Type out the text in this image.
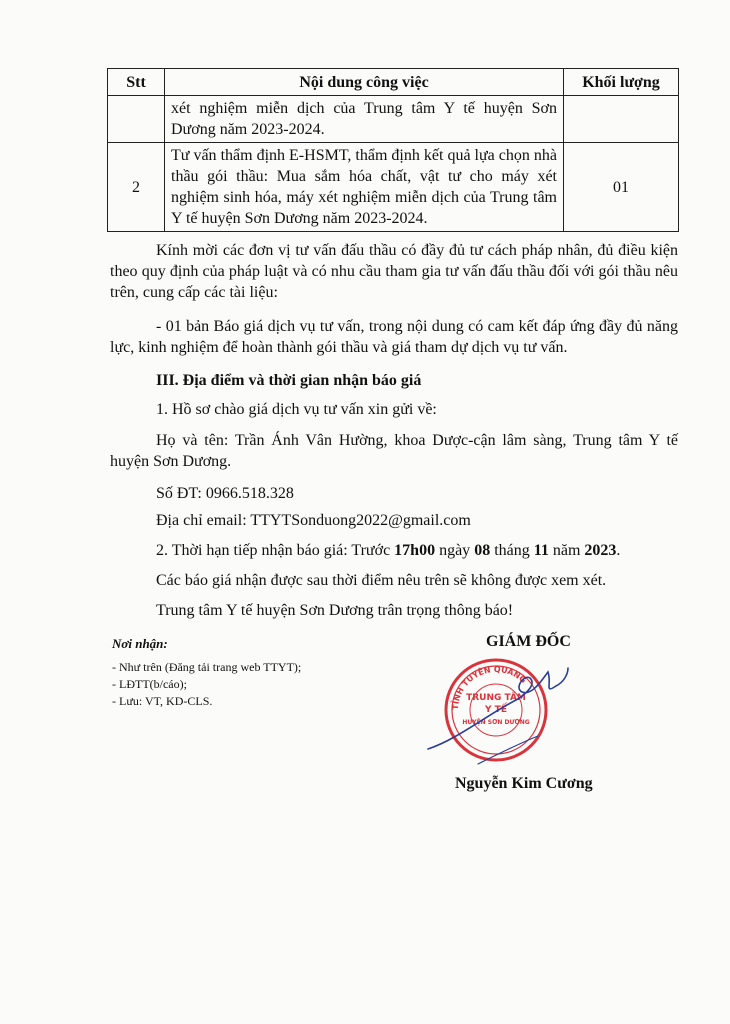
Stt	Nội dung công việc	Khối lượng
	xét nghiệm miễn dịch của Trung tâm Y tế huyện Sơn Dương năm 2023-2024.	
2	Tư vấn thẩm định E-HSMT, thẩm định kết quả lựa chọn nhà thầu gói thầu: Mua sắm hóa chất, vật tư cho máy xét nghiệm sinh hóa, máy xét nghiệm miễn dịch của Trung tâm Y tế huyện Sơn Dương năm 2023-2024.	01
Kính mời các đơn vị tư vấn đấu thầu có đầy đủ tư cách pháp nhân, đủ điều kiện theo quy định của pháp luật và có nhu cầu tham gia tư vấn đấu thầu đối với gói thầu nêu trên, cung cấp các tài liệu:
- 01 bản Báo giá dịch vụ tư vấn, trong nội dung có cam kết đáp ứng đầy đủ năng lực, kinh nghiệm để hoàn thành gói thầu và giá tham dự dịch vụ tư vấn.
III. Địa điểm và thời gian nhận báo giá
1. Hồ sơ chào giá dịch vụ tư vấn xin gửi về:
Họ và tên: Trần Ánh Vân Hường, khoa Dược-cận lâm sàng, Trung tâm Y tế huyện Sơn Dương.
Số ĐT: 0966.518.328
Địa chỉ email: TTYTSonduong2022@gmail.com
2. Thời hạn tiếp nhận báo giá: Trước 17h00 ngày 08 tháng 11 năm 2023.
Các báo giá nhận được sau thời điểm nêu trên sẽ không được xem xét.
Trung tâm Y tế huyện Sơn Dương trân trọng thông báo!
Nơi nhận:
- Như trên (Đăng tải trang web TTYT);
- LĐTT(b/cáo);
- Lưu: VT, KD-CLS.
GIÁM ĐỐC
TỈNH TUYÊN QUANG
TRUNG TÂM
Y TẾ
HUYỆN SƠN DƯƠNG
Nguyễn Kim Cương
